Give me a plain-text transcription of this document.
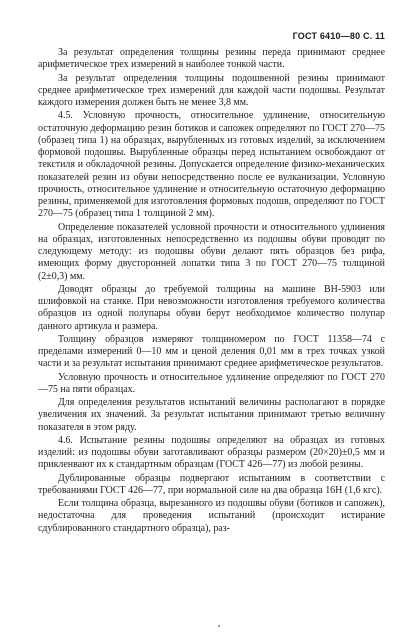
ГОСТ 6410—80 С. 11

За результат определения толщины резины переда принимают среднее арифметическое трех измерений в наиболее тонкой части.

За результат определения толщины подошвенной резины принимают среднее арифметическое трех измерений для каждой части подошвы. Результат каждого измерения должен быть не менее 3,8 мм.

4.5. Условную прочность, относительное удлинение, относительную остаточную деформацию резин ботиков и сапожек определяют по ГОСТ 270—75 (образец типа 1) на образцах, вырубленных из готовых изделий, за исключением формовой подошвы. Вырубленные образцы перед испытанием освобождают от текстиля и обкладочной резины. Допускается определение физико-механических показателей резин из обуви непосредственно после ее вулканизации. Условную прочность, относительное удлинение и относительную остаточную деформацию резины, применяемой для изготовления формовых подошв, определяют по ГОСТ 270—75 (образец типа 1 толщиной 2 мм).

Определение показателей условной прочности и относительного удлинения на образцах, изготовленных непосредственно из подошвы обуви проводят по следующему методу: из подошвы обуви делают пять образцов без рифа, имеющих форму двусторонней лопатки типа 3 по ГОСТ 270—75 толщиной (2±0,3) мм.

Доводят образцы до требуемой толщины на машине ВН-5903 или шлифовкой на станке. При невозможности изготовления требуемого количества образцов из одной полупары обуви берут необходимое количество полупар данного артикула и размера.

Толщину образцов измеряют толщиномером по ГОСТ 11358—74 с пределами измерений 0—10 мм и ценой деления 0,01 мм в трех точках узкой части и за результат испытания принимают среднее арифметическое результатов.

Условную прочность и относительное удлинение определяют по ГОСТ 270—75 на пяти образцах.

Для определения результатов испытаний величины располагают в порядке увеличения их значений. За результат испытания принимают третью величину показателя в этом ряду.

4.6. Испытание резины подошвы определяют на образцах из готовых изделий: из подошвы обуви заготавливают образцы размером (20×20)±0,5 мм и прикленвают их к стандартным образцам (ГОСТ 426—77) из любой резины.

Дублированные образцы подвергают испытаниям в соответствии с требованиями ГОСТ 426—77, при нормальной силе на два образца 16Н (1,6 кгс).

Если толщина образца, вырезанного из подошвы обуви (ботиков и сапожек), недостаточна для проведения испытаний (происходит истирание сдублированного стандартного образца), раз-
